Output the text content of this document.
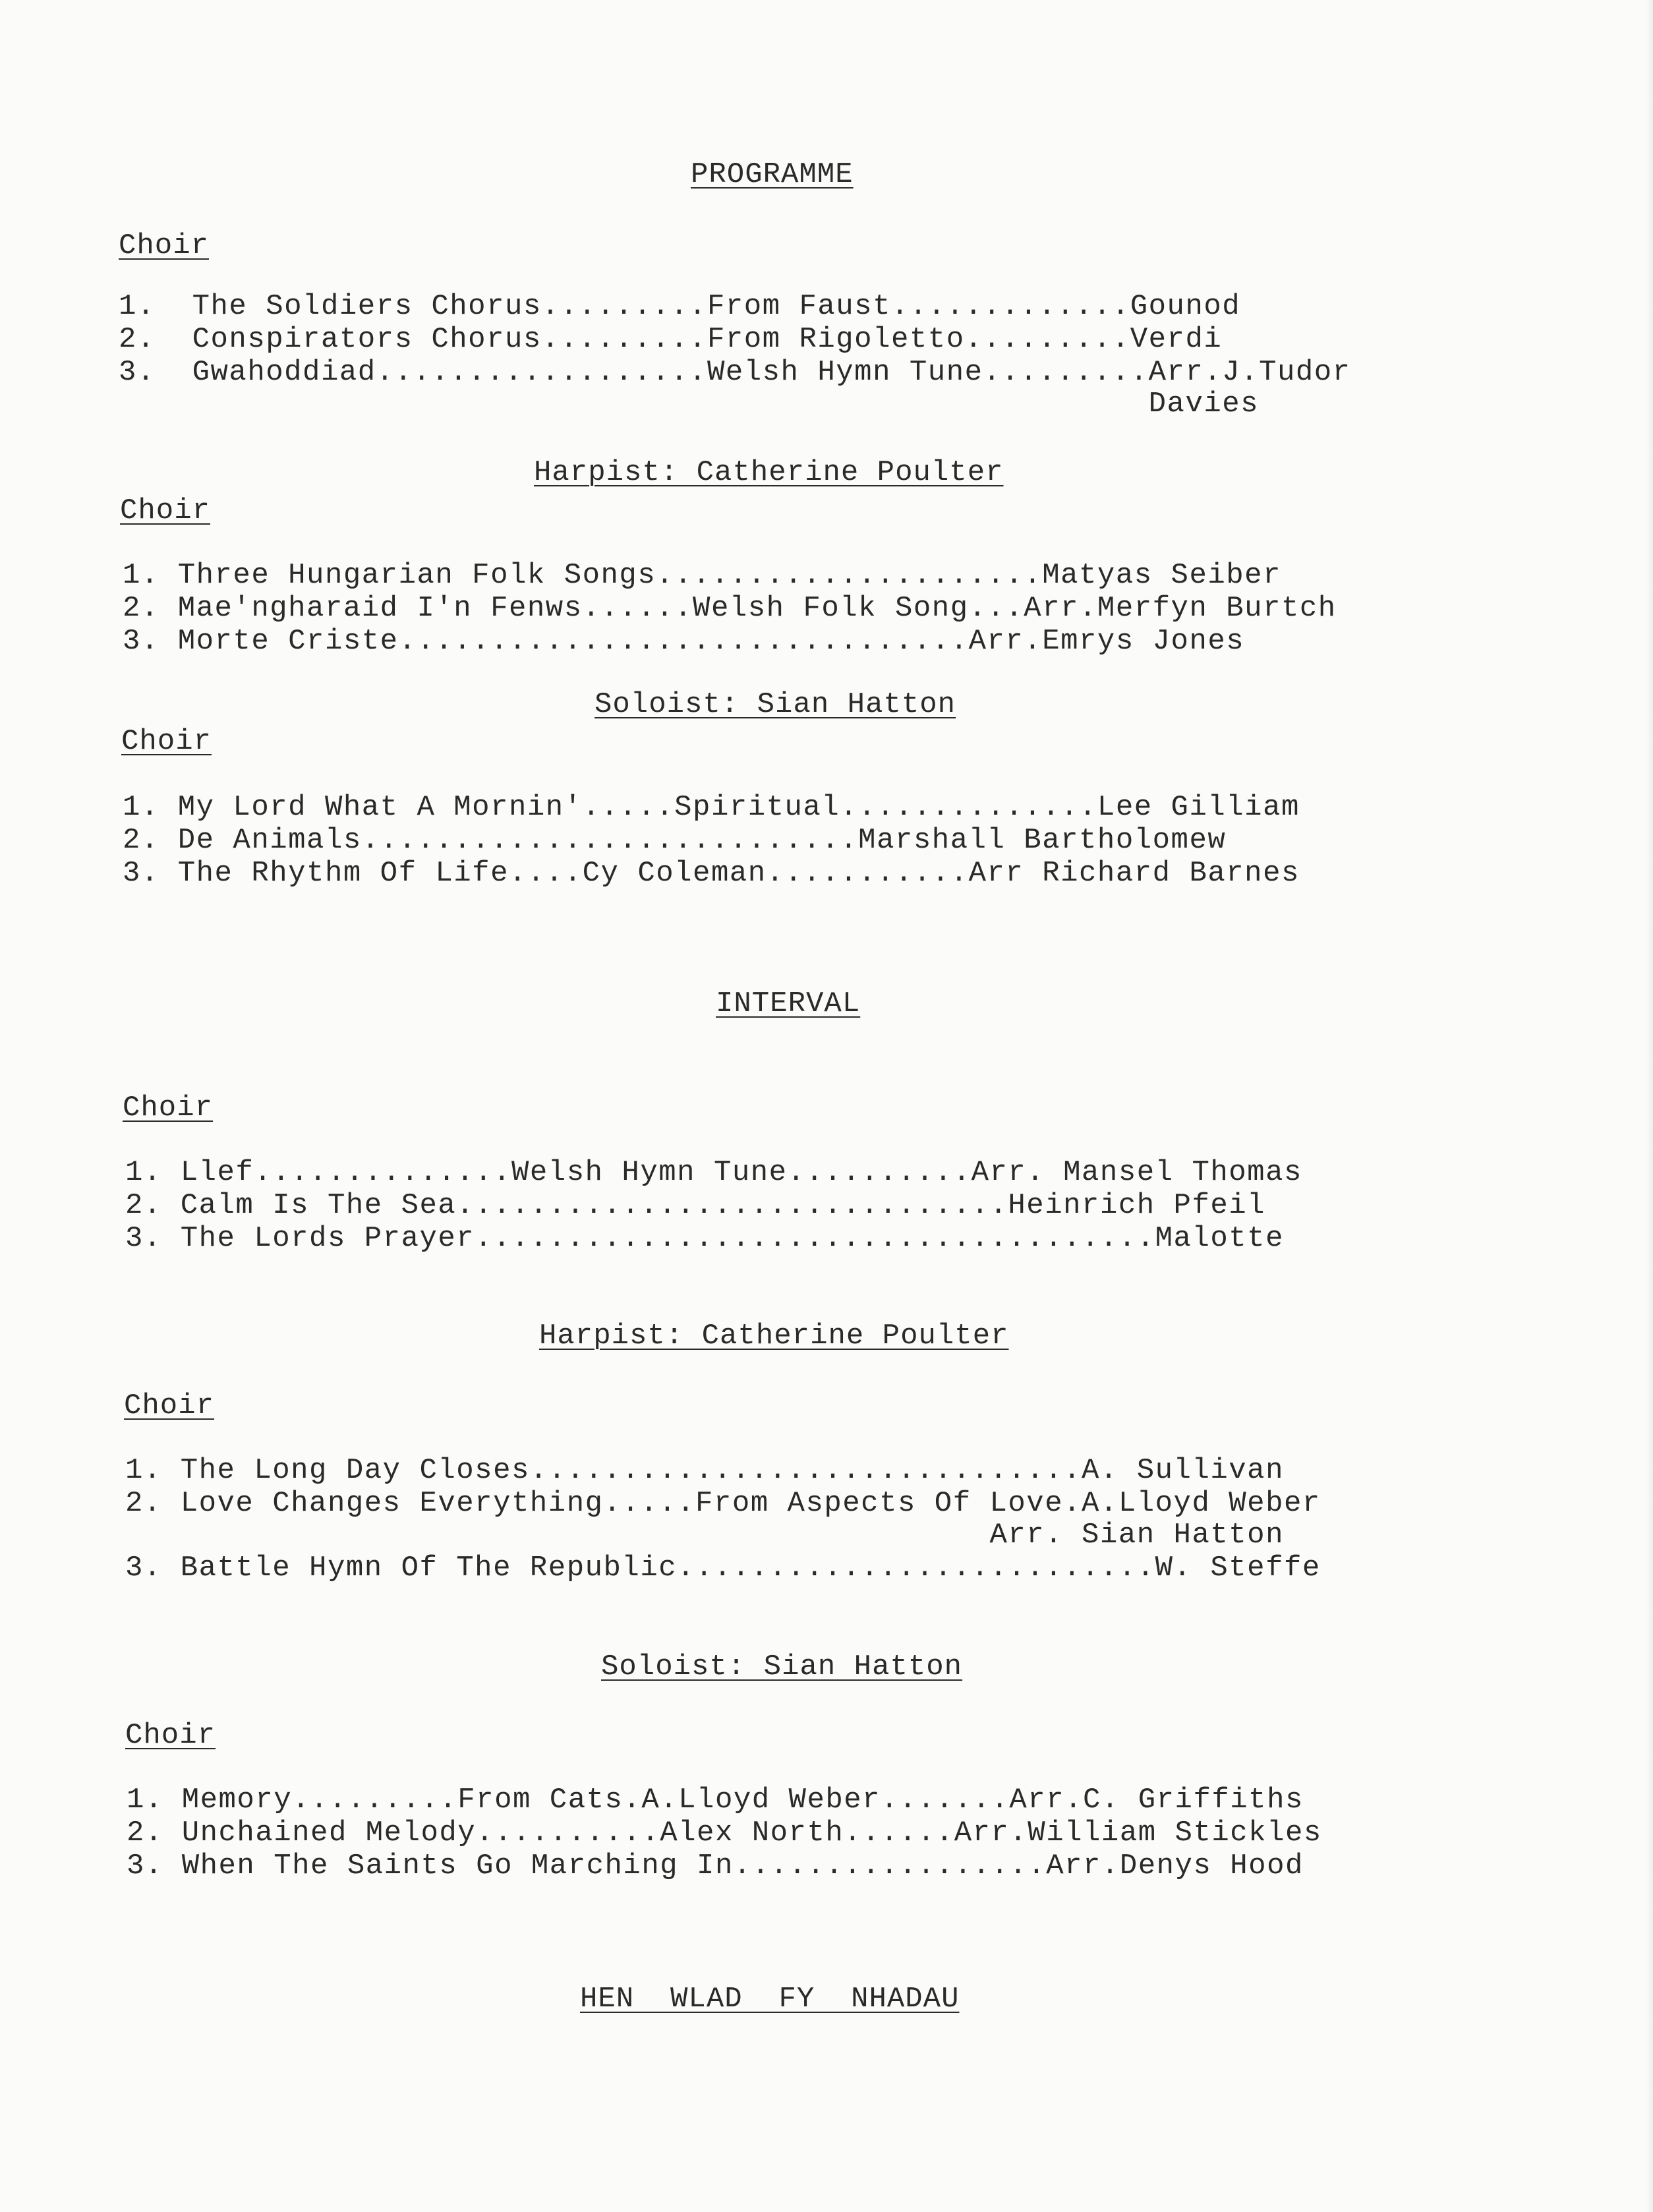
PROGRAMME
Choir
1.  The Soldiers Chorus.........From Faust.............Gounod
2.  Conspirators Chorus.........From Rigoletto.........Verdi
3.  Gwahoddiad..................Welsh Hymn Tune.........Arr.J.Tudor
Davies
Harpist: Catherine Poulter
Choir
1. Three Hungarian Folk Songs.....................Matyas Seiber
2. Mae'ngharaid I'n Fenws......Welsh Folk Song...Arr.Merfyn Burtch
3. Morte Criste...............................Arr.Emrys Jones
Soloist: Sian Hatton
Choir
1. My Lord What A Mornin'.....Spiritual..............Lee Gilliam
2. De Animals...........................Marshall Bartholomew
3. The Rhythm Of Life....Cy Coleman...........Arr Richard Barnes
INTERVAL
Choir
1. Llef..............Welsh Hymn Tune..........Arr. Mansel Thomas
2. Calm Is The Sea..............................Heinrich Pfeil
3. The Lords Prayer.....................................Malotte
Harpist: Catherine Poulter
Choir
1. The Long Day Closes..............................A. Sullivan
2. Love Changes Everything.....From Aspects Of Love.A.Lloyd Weber
Arr. Sian Hatton
3. Battle Hymn Of The Republic..........................W. Steffe
Soloist: Sian Hatton
Choir
1. Memory.........From Cats.A.Lloyd Weber.......Arr.C. Griffiths
2. Unchained Melody..........Alex North......Arr.William Stickles
3. When The Saints Go Marching In.................Arr.Denys Hood
HEN  WLAD  FY  NHADAU
